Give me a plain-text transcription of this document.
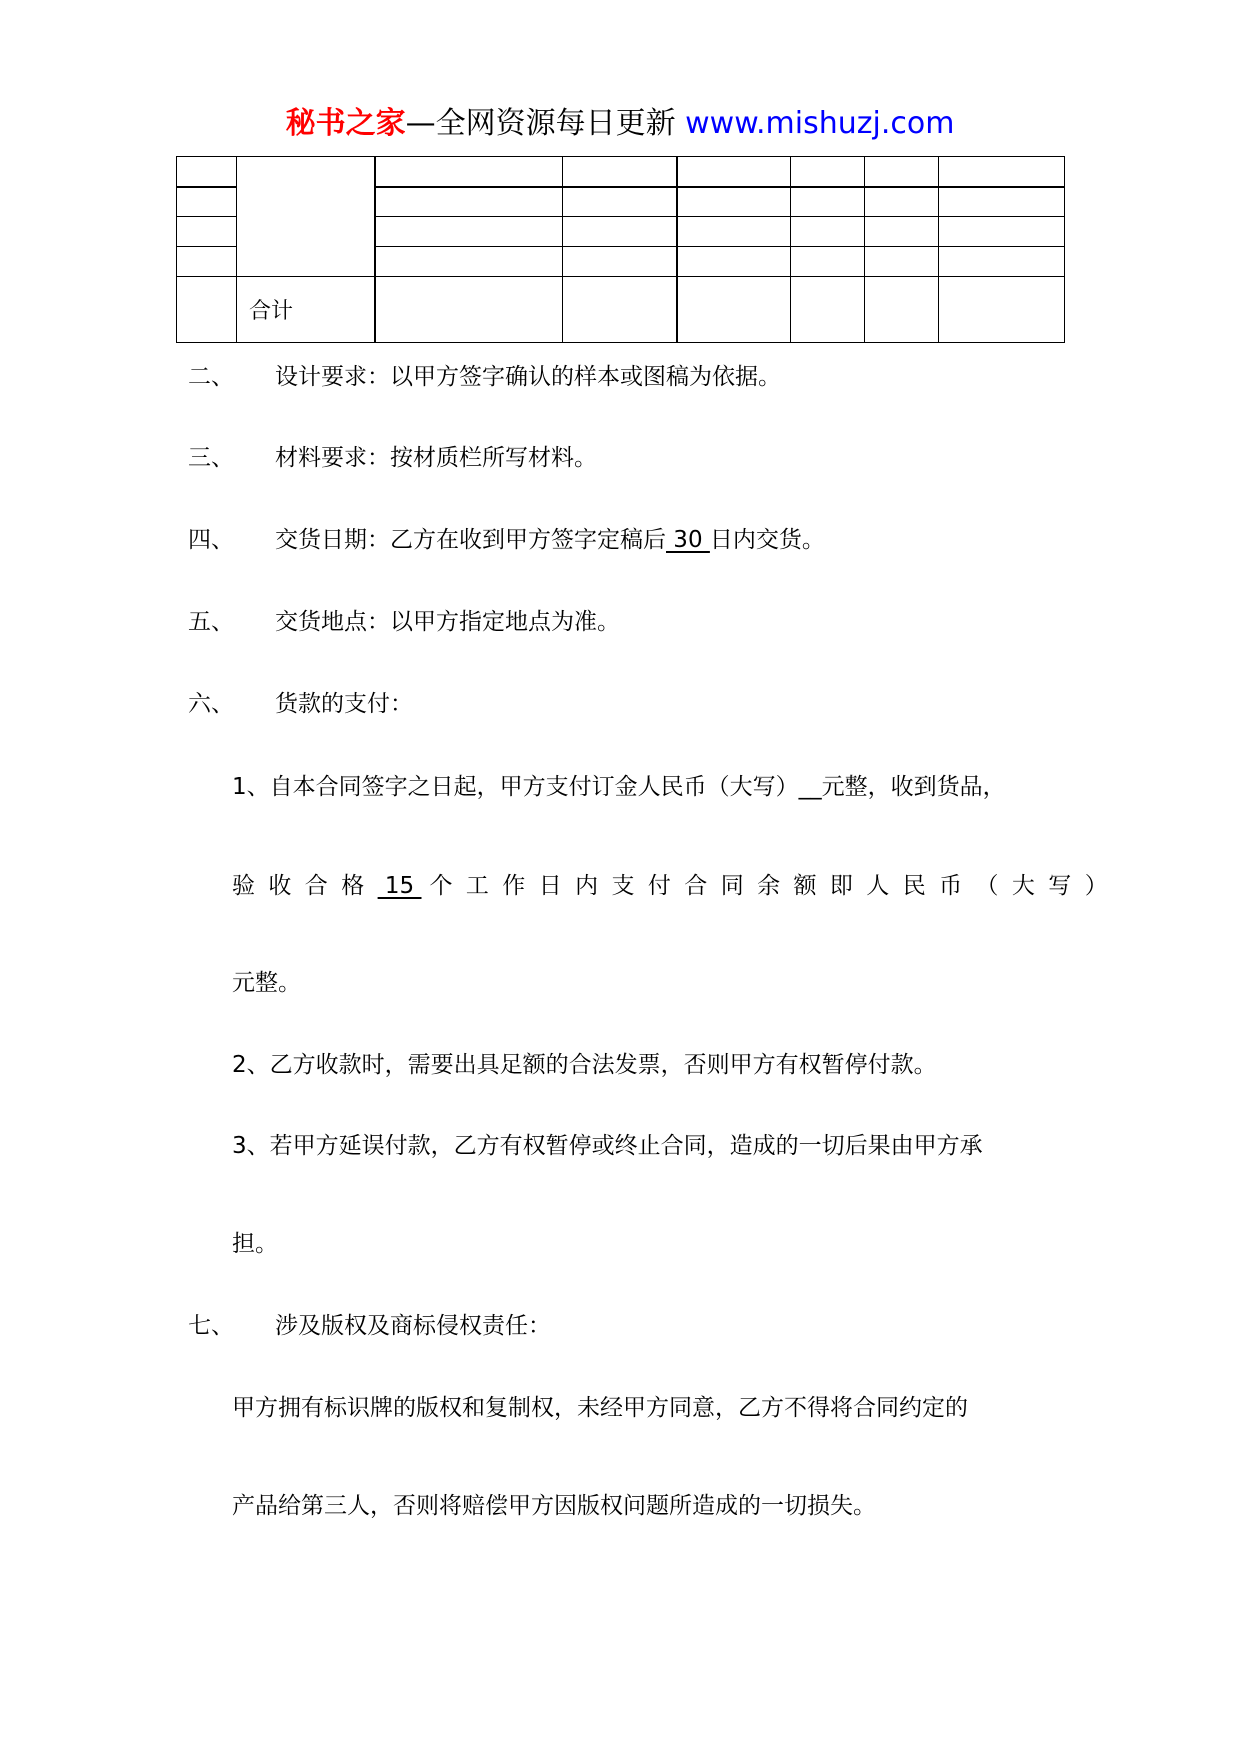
秘书之家—全网资源每日更新 www.mishuzj.com

	合计						
二、 设计要求：以甲方签字确认的样本或图稿为依据。
三、 材料要求：按材质栏所写材料。
四、 交货日期：乙方在收到甲方签字定稿后 30 日内交货。
五、 交货地点：以甲方指定地点为准。
六、 货款的支付：
1、自本合同签字之日起，甲方支付订金人民币（大写）__元整，收到货品，
验收合格 15 个工作日内支付合同余额即人民币（大写）
元整。
2、乙方收款时，需要出具足额的合法发票，否则甲方有权暂停付款。
3、若甲方延误付款，乙方有权暂停或终止合同，造成的一切后果由甲方承
担。
七、 涉及版权及商标侵权责任：
甲方拥有标识牌的版权和复制权，未经甲方同意，乙方不得将合同约定的
产品给第三人，否则将赔偿甲方因版权问题所造成的一切损失。
